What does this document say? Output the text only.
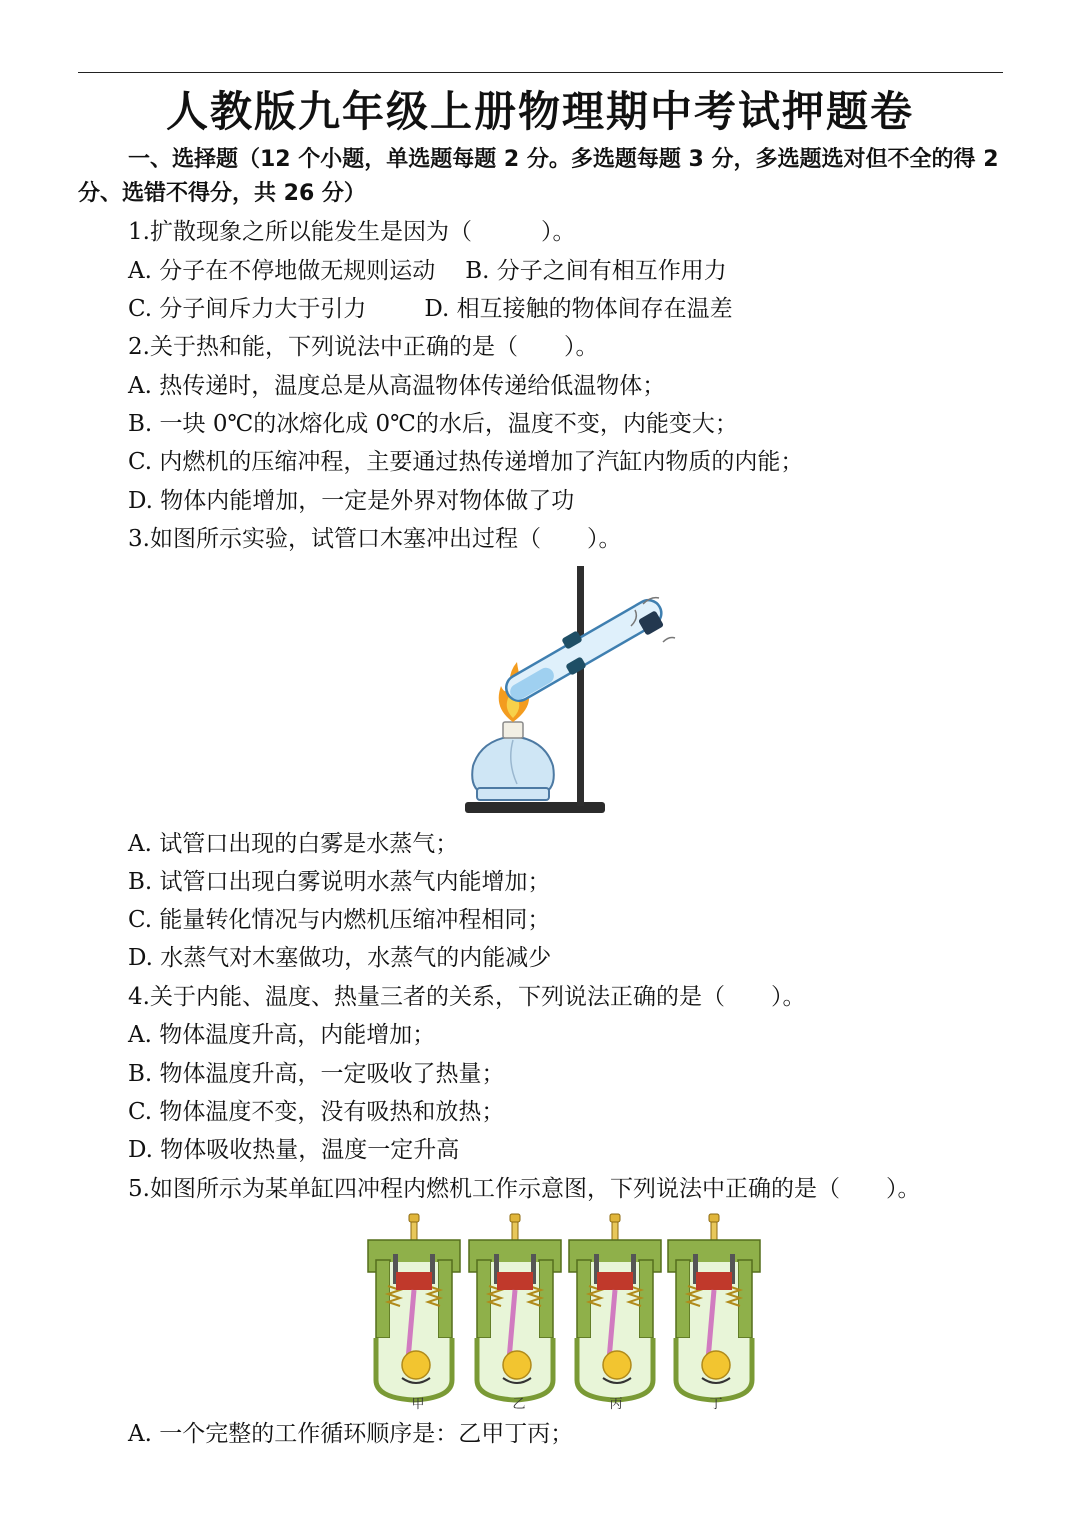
人教版九年级上册物理期中考试押题卷
一、选择题（12 个小题，单选题每题 2 分。多选题每题 3 分，多选题选对但不全的得 2 分、选错不得分，共 26 分）
1.扩散现象之所以能发生是因为（　　　）。
A. 分子在不停地做无规则运动 B. 分子之间有相互作用力
C. 分子间斥力大于引力	D. 相互接触的物体间存在温差
2.关于热和能，下列说法中正确的是（　　）。
A. 热传递时，温度总是从高温物体传递给低温物体；
B. 一块 0℃的冰熔化成 0℃的水后，温度不变，内能变大；
C. 内燃机的压缩冲程，主要通过热传递增加了汽缸内物质的内能；
D. 物体内能增加，一定是外界对物体做了功
3.如图所示实验，试管口木塞冲出过程（　　）。
A. 试管口出现的白雾是水蒸气；
B. 试管口出现白雾说明水蒸气内能增加；
C. 能量转化情况与内燃机压缩冲程相同；
D. 水蒸气对木塞做功，水蒸气的内能减少
4.关于内能、温度、热量三者的关系，下列说法正确的是（　　）。
A. 物体温度升高，内能增加；
B. 物体温度升高，一定吸收了热量；
C. 物体温度不变，没有吸热和放热；
D. 物体吸收热量，温度一定升高
5.如图所示为某单缸四冲程内燃机工作示意图，下列说法中正确的是（　　）。
甲	乙	丙	丁
A. 一个完整的工作循环顺序是：乙甲丁丙；
